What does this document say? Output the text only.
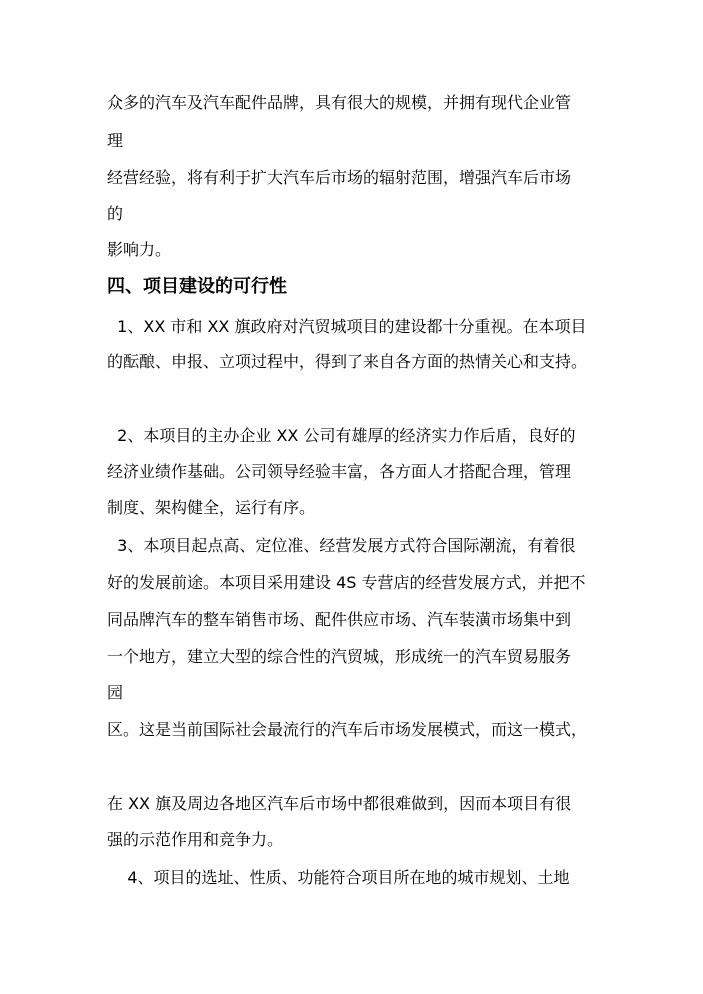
众多的汽车及汽车配件品牌，具有很大的规模，并拥有现代企业管
理
经营经验，将有利于扩大汽车后市场的辐射范围，增强汽车后市场
的
影响力。
四、项目建设的可行性
1、XX 市和 XX 旗政府对汽贸城项目的建设都十分重视。在本项目
的酝酿、申报、立项过程中，得到了来自各方面的热情关心和支持。
2、本项目的主办企业 XX 公司有雄厚的经济实力作后盾，良好的
经济业绩作基础。公司领导经验丰富，各方面人才搭配合理，管理
制度、架构健全，运行有序。
3、本项目起点高、定位准、经营发展方式符合国际潮流，有着很
好的发展前途。本项目采用建设 4S 专营店的经营发展方式，并把不
同品牌汽车的整车销售市场、配件供应市场、汽车装潢市场集中到
一个地方，建立大型的综合性的汽贸城，形成统一的汽车贸易服务
园
区。这是当前国际社会最流行的汽车后市场发展模式，而这一模式，
在 XX 旗及周边各地区汽车后市场中都很难做到，因而本项目有很
强的示范作用和竞争力。
4、项目的选址、性质、功能符合项目所在地的城市规划、土地
